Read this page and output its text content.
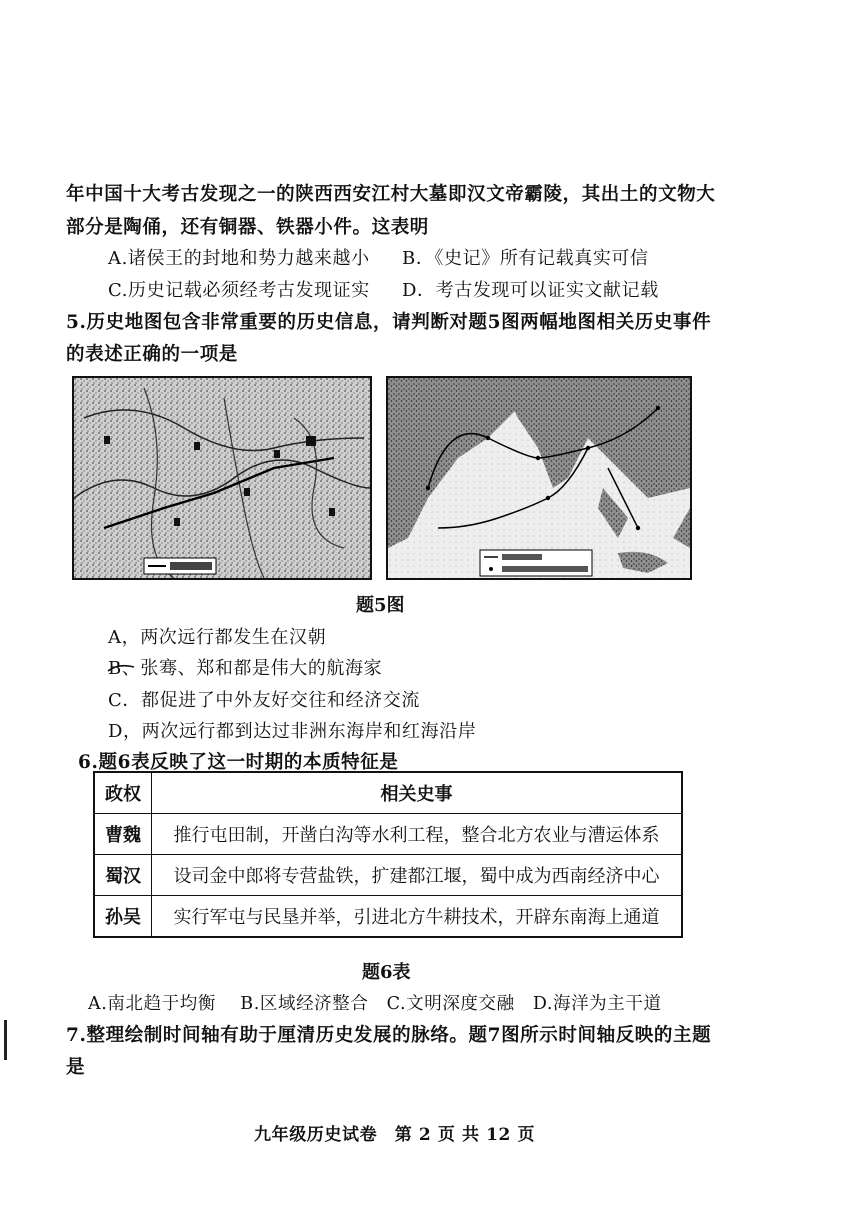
年中国十大考古发现之一的陕西西安江村大墓即汉文帝霸陵，其出土的文物大
部分是陶俑，还有铜器、铁器小件。这表明
A.诸侯王的封地和势力越来越小 B．《史记》所有记载真实可信
C.历史记载必须经考古发现证实 D．考古发现可以证实文献记载
5.历史地图包含非常重要的历史信息，请判断对题5图两幅地图相关历史事件
的表述正确的一项是
题5图
A，两次远行都发生在汉朝
B、张骞、郑和都是伟大的航海家
C．都促进了中外友好交往和经济交流
D，两次远行都到达过非洲东海岸和红海沿岸
6.题6表反映了这一时期的本质特征是
政权	相关史事
曹魏	推行屯田制，开凿白沟等水利工程，整合北方农业与漕运体系
蜀汉	设司金中郎将专营盐铁，扩建都江堰，蜀中成为西南经济中心
孙吴	实行军屯与民垦并举，引进北方牛耕技术，开辟东南海上通道
题6表
A.南北趋于均衡　 B.区域经济整合　C.文明深度交融　D.海洋为主干道
7.整理绘制时间轴有助于厘清历史发展的脉络。题7图所示时间轴反映的主题
是
九年级历史试卷　第 2 页 共 12 页
